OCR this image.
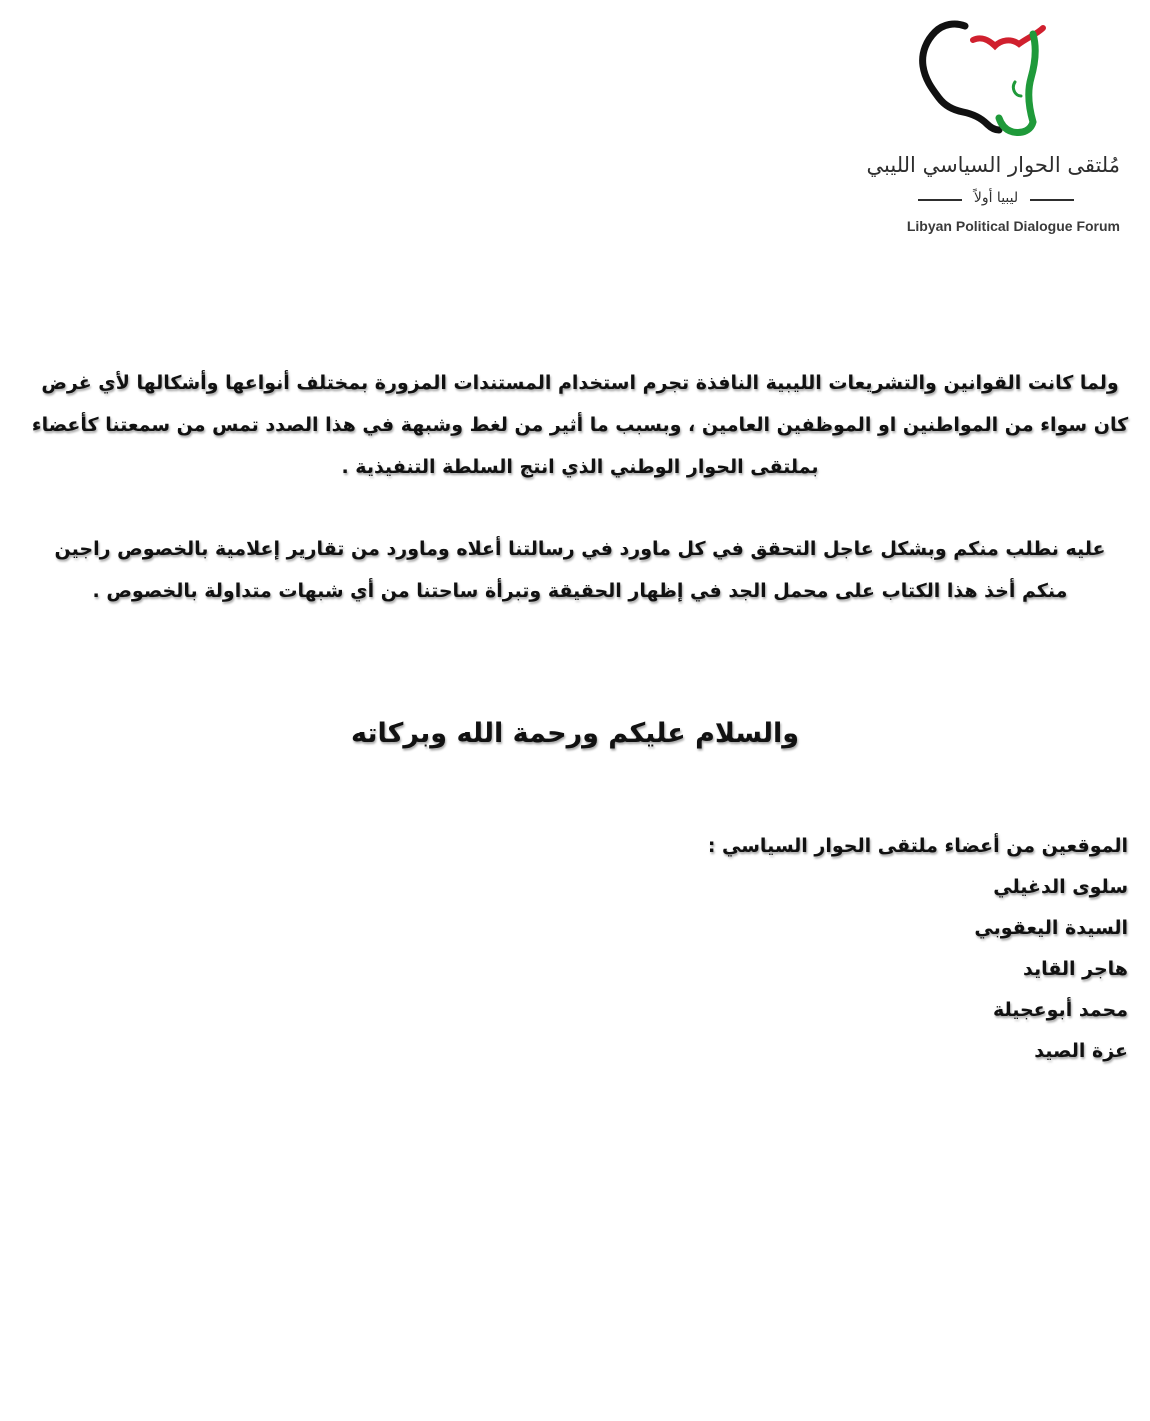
مُلتقى الحوار السياسي الليبي
ليبيا أولاً
Libyan Political Dialogue Forum

ولما كانت القوانين والتشريعات الليبية النافذة تجرم استخدام المستندات المزورة بمختلف أنواعها وأشكالها لأي غرض كان سواء من المواطنين او الموظفين العامين ، وبسبب ما أثير من لغط وشبهة في هذا الصدد تمس من سمعتنا كأعضاء بملتقى الحوار الوطني الذي انتج السلطة التنفيذية .

عليه نطلب منكم وبشكل عاجل التحقق في كل ماورد في رسالتنا أعلاه وماورد من تقارير إعلامية بالخصوص راجين منكم أخذ هذا الكتاب على محمل الجد في إظهار الحقيقة وتبرأة ساحتنا من أي شبهات متداولة بالخصوص .

والسلام عليكم ورحمة الله وبركاته

الموقعين من أعضاء ملتقى الحوار السياسي :

سلوى الدغيلي
السيدة اليعقوبي
هاجر القايد
محمد أبوعجيلة
عزة الصيد
